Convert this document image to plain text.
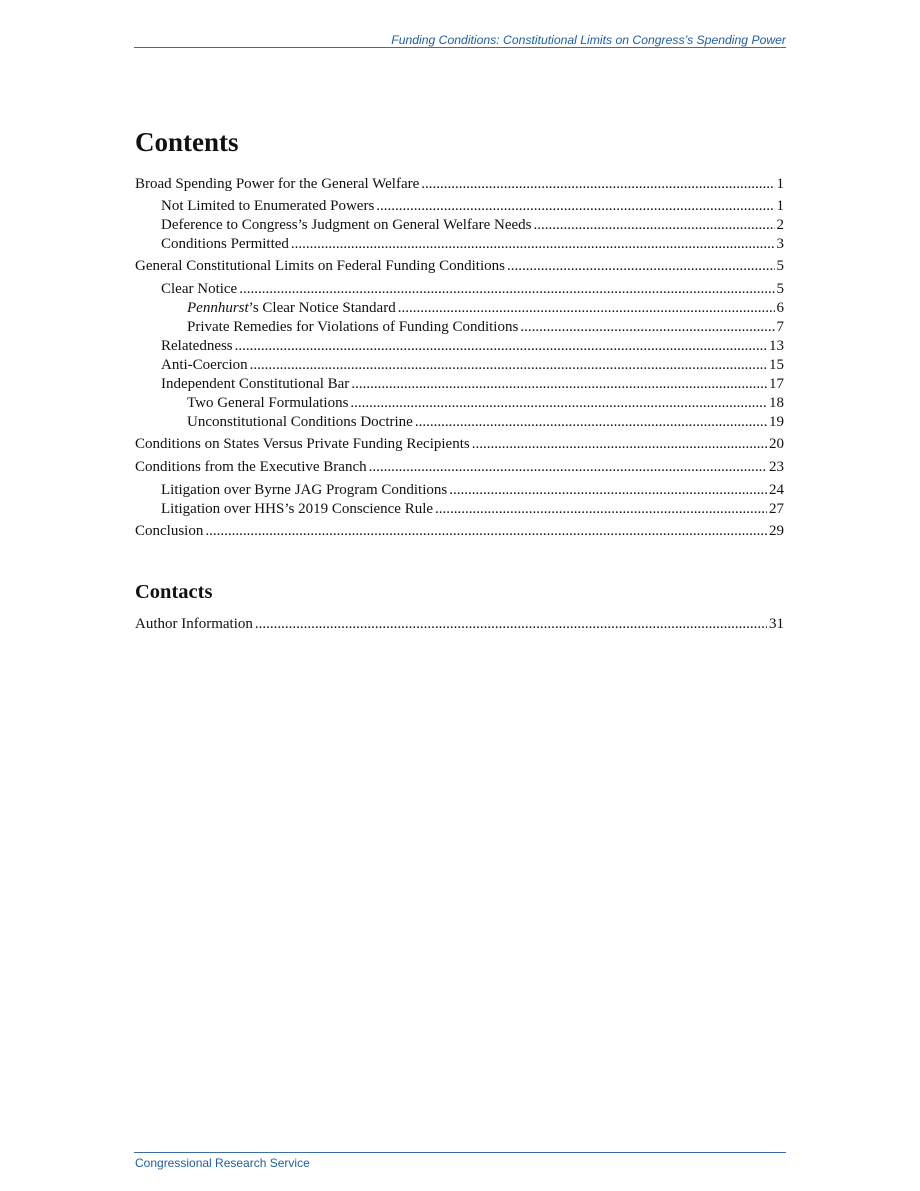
Funding Conditions: Constitutional Limits on Congress’s Spending Power
Contents
Broad Spending Power for the General Welfare .....	1
Not Limited to Enumerated Powers .....	1
Deference to Congress’s Judgment on General Welfare Needs .....	2
Conditions Permitted .....	3
General Constitutional Limits on Federal Funding Conditions .....	5
Clear Notice .....	5
Pennhurst’s Clear Notice Standard .....	6
Private Remedies for Violations of Funding Conditions .....	7
Relatedness .....	13
Anti-Coercion .....	15
Independent Constitutional Bar .....	17
Two General Formulations .....	18
Unconstitutional Conditions Doctrine .....	19
Conditions on States Versus Private Funding Recipients .....	20
Conditions from the Executive Branch .....	23
Litigation over Byrne JAG Program Conditions .....	24
Litigation over HHS’s 2019 Conscience Rule .....	27
Conclusion .....	29
Contacts
Author Information .....	31
Congressional Research Service
